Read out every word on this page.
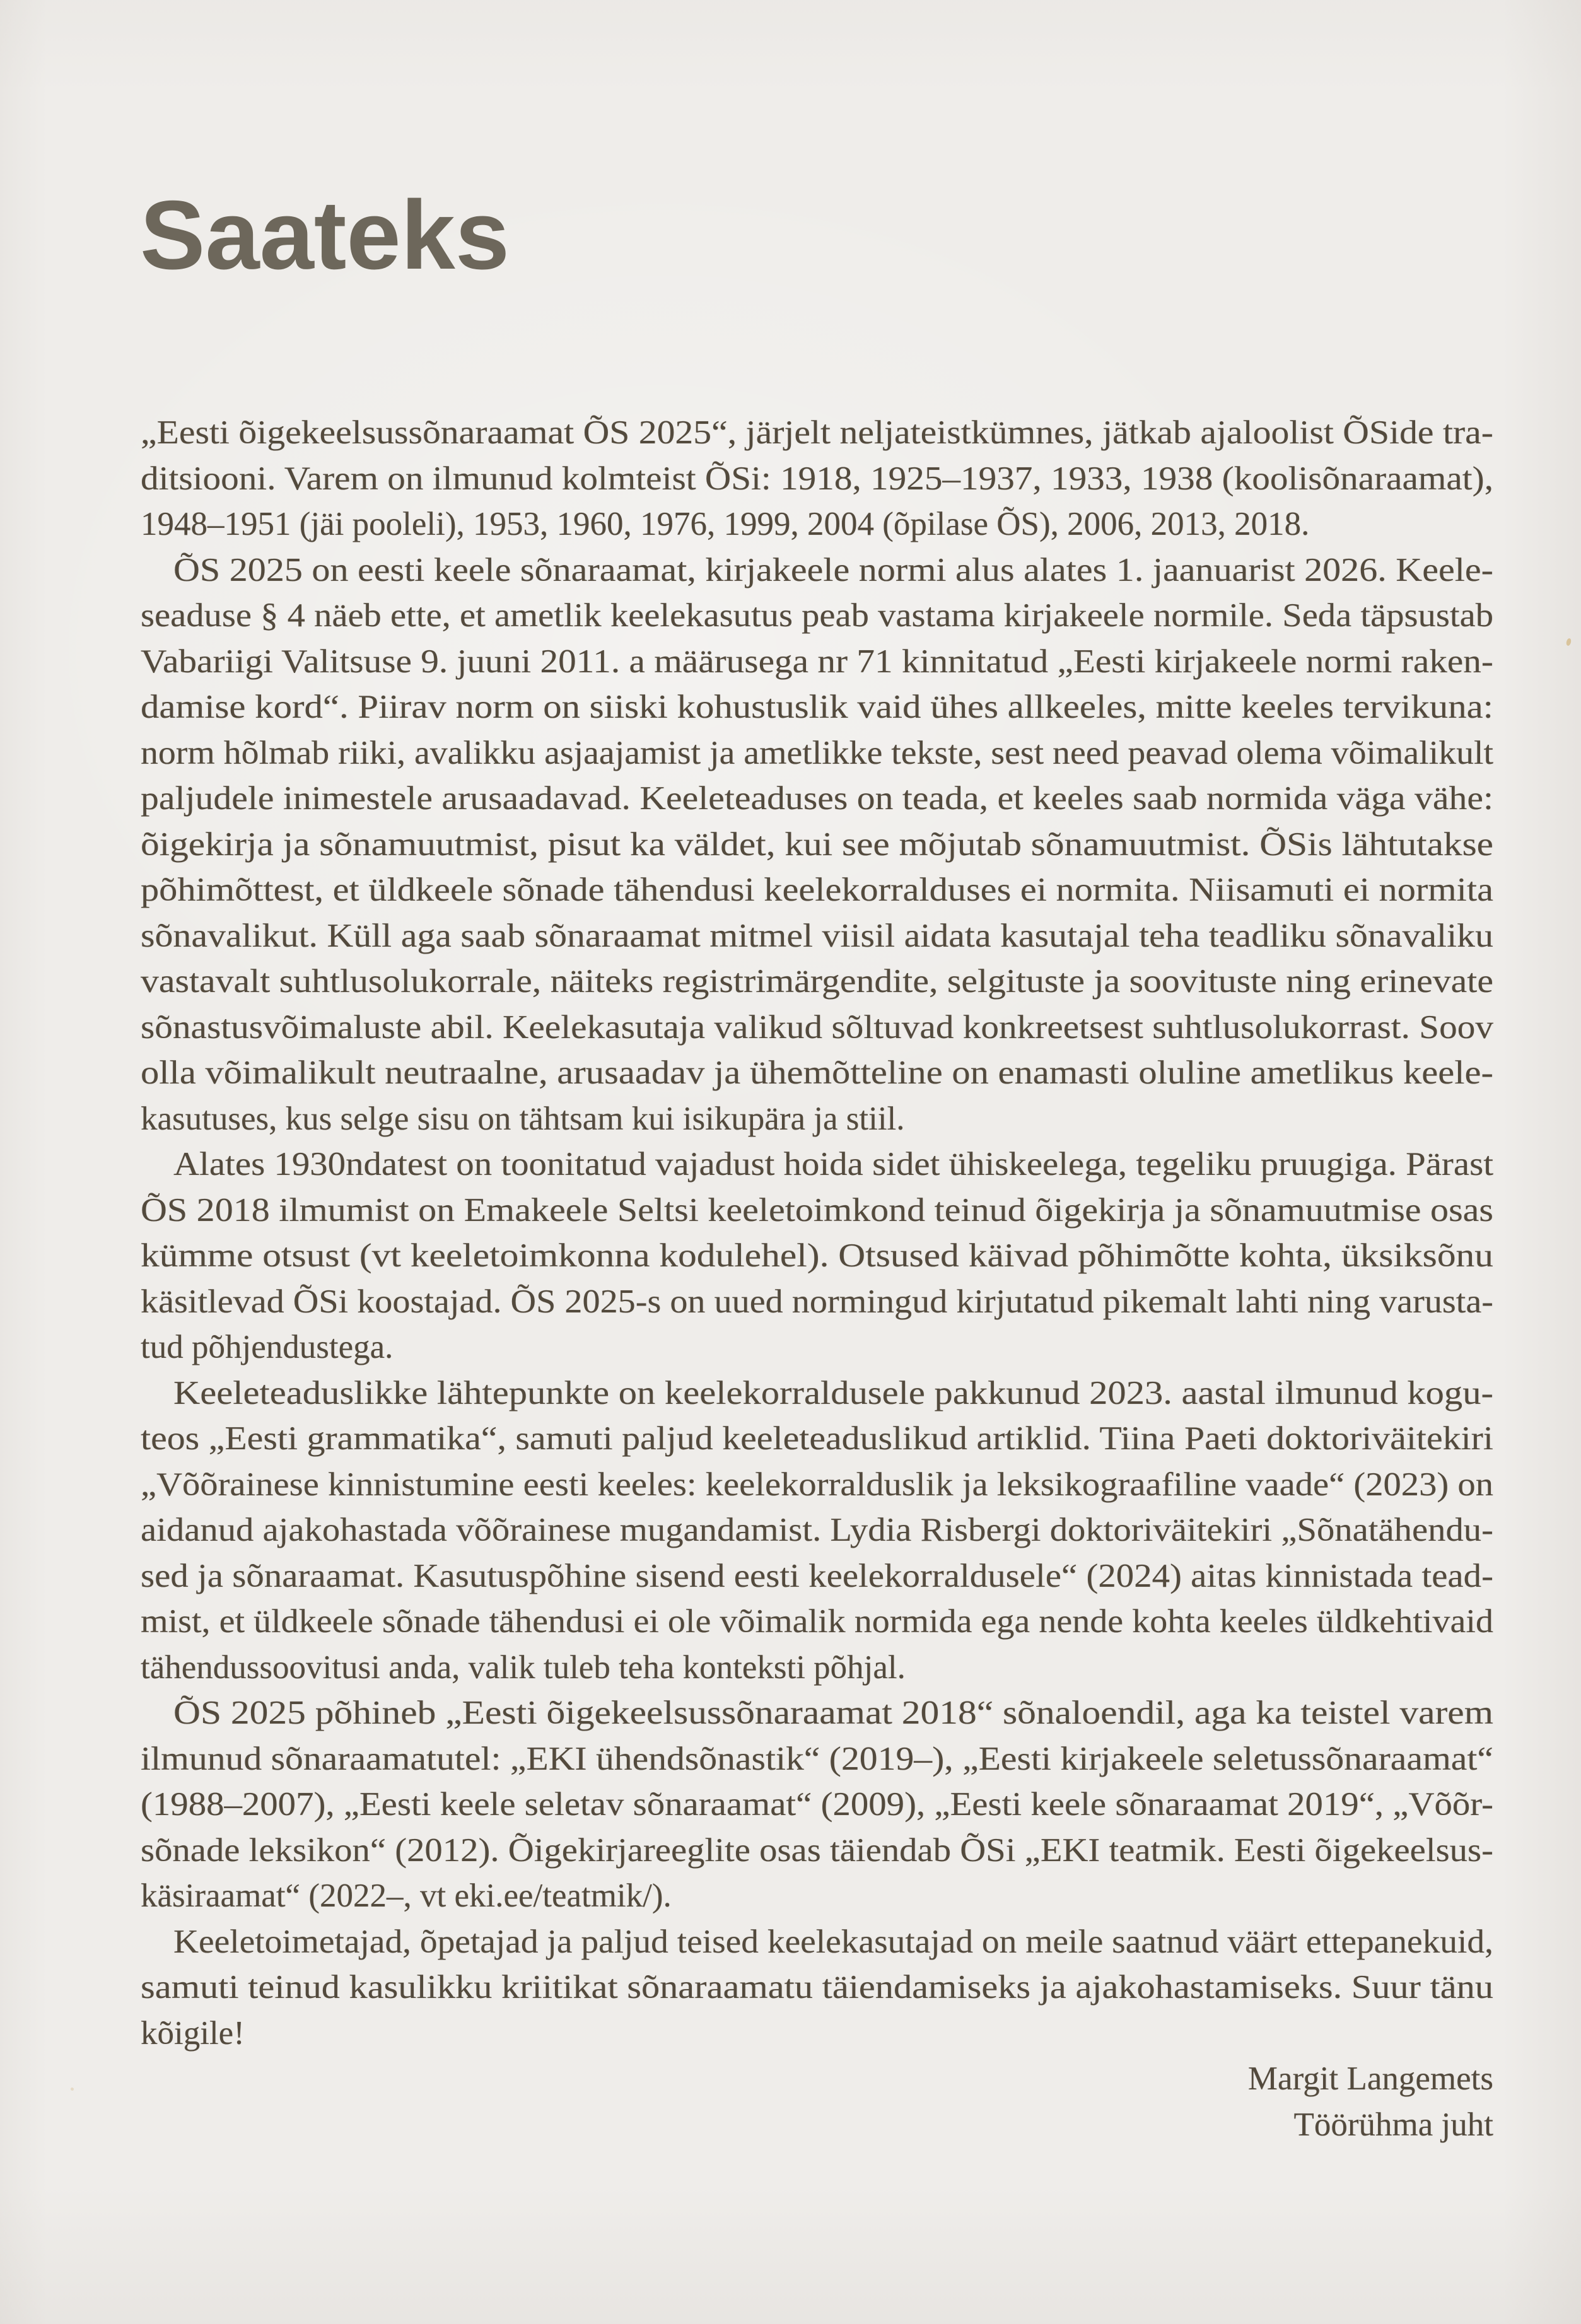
Saateks
„Eesti õigekeelsussõnaraamat ÕS 2025“, järjelt neljateistkümnes, jätkab ajaloolist ÕSide tra-
ditsiooni. Varem on ilmunud kolmteist ÕSi: 1918, 1925–1937, 1933, 1938 (koolisõnaraamat),
1948–1951 (jäi pooleli), 1953, 1960, 1976, 1999, 2004 (õpilase ÕS), 2006, 2013, 2018.
ÕS 2025 on eesti keele sõnaraamat, kirjakeele normi alus alates 1. jaanuarist 2026. Keele-
seaduse § 4 näeb ette, et ametlik keelekasutus peab vastama kirjakeele normile. Seda täpsustab
Vabariigi Valitsuse 9. juuni 2011. a määrusega nr 71 kinnitatud „Eesti kirjakeele normi raken-
damise kord“. Piirav norm on siiski kohustuslik vaid ühes allkeeles, mitte keeles tervikuna:
norm hõlmab riiki, avalikku asjaajamist ja ametlikke tekste, sest need peavad olema võimalikult
paljudele inimestele arusaadavad. Keeleteaduses on teada, et keeles saab normida väga vähe:
õigekirja ja sõnamuutmist, pisut ka väldet, kui see mõjutab sõnamuutmist. ÕSis lähtutakse
põhimõttest, et üldkeele sõnade tähendusi keelekorralduses ei normita. Niisamuti ei normita
sõnavalikut. Küll aga saab sõnaraamat mitmel viisil aidata kasutajal teha teadliku sõnavaliku
vastavalt suhtlusolukorrale, näiteks registrimärgendite, selgituste ja soovituste ning erinevate
sõnastusvõimaluste abil. Keelekasutaja valikud sõltuvad konkreetsest suhtlusolukorrast. Soov
olla võimalikult neutraalne, arusaadav ja ühemõtteline on enamasti oluline ametlikus keele-
kasutuses, kus selge sisu on tähtsam kui isikupära ja stiil.
Alates 1930ndatest on toonitatud vajadust hoida sidet ühiskeelega, tegeliku pruugiga. Pärast
ÕS 2018 ilmumist on Emakeele Seltsi keeletoimkond teinud õigekirja ja sõnamuutmise osas
kümme otsust (vt keeletoimkonna kodulehel). Otsused käivad põhimõtte kohta, üksiksõnu
käsitlevad ÕSi koostajad. ÕS 2025-s on uued normingud kirjutatud pikemalt lahti ning varusta-
tud põhjendustega.
Keeleteaduslikke lähtepunkte on keelekorraldusele pakkunud 2023. aastal ilmunud kogu-
teos „Eesti grammatika“, samuti paljud keeleteaduslikud artiklid. Tiina Paeti doktoriväitekiri
„Võõrainese kinnistumine eesti keeles: keelekorralduslik ja leksikograafiline vaade“ (2023) on
aidanud ajakohastada võõrainese mugandamist. Lydia Risbergi doktoriväitekiri „Sõnatähendu-
sed ja sõnaraamat. Kasutuspõhine sisend eesti keelekorraldusele“ (2024) aitas kinnistada tead-
mist, et üldkeele sõnade tähendusi ei ole võimalik normida ega nende kohta keeles üldkehtivaid
tähendussoovitusi anda, valik tuleb teha konteksti põhjal.
ÕS 2025 põhineb „Eesti õigekeelsussõnaraamat 2018“ sõnaloendil, aga ka teistel varem
ilmunud sõnaraamatutel: „EKI ühendsõnastik“ (2019–), „Eesti kirjakeele seletussõnaraamat“
(1988–2007), „Eesti keele seletav sõnaraamat“ (2009), „Eesti keele sõnaraamat 2019“, „Võõr-
sõnade leksikon“ (2012). Õigekirjareeglite osas täiendab ÕSi „EKI teatmik. Eesti õigekeelsus-
käsiraamat“ (2022–, vt eki.ee/teatmik/).
Keeletoimetajad, õpetajad ja paljud teised keelekasutajad on meile saatnud väärt ettepanekuid,
samuti teinud kasulikku kriitikat sõnaraamatu täiendamiseks ja ajakohastamiseks. Suur tänu
kõigile!
Margit Langemets
Töörühma juht
